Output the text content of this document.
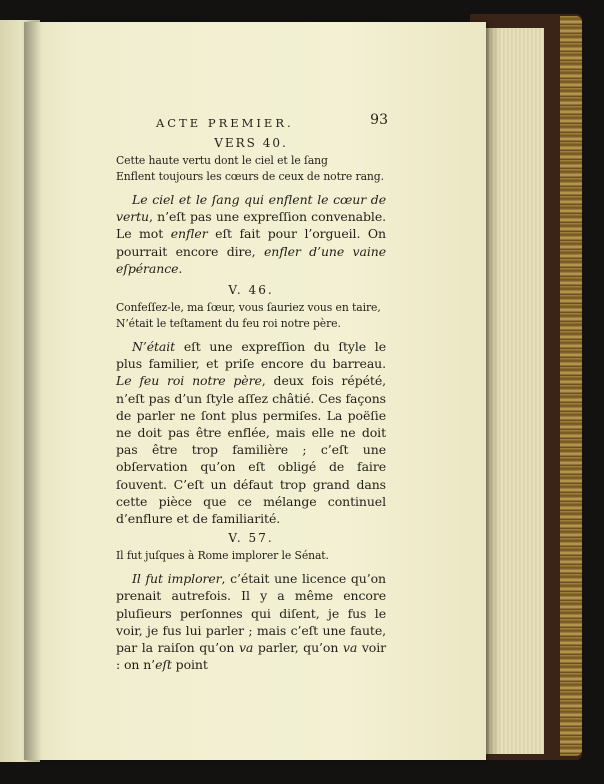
ACTE PREMIER.	93
VERS 40.
Cette haute vertu dont le ciel et le ſang
Enflent toujours les cœurs de ceux de notre rang.

Le ciel et le ſang qui enflent le cœur de vertu, n’eſt pas une expreſſion convenable. Le mot enfler eſt fait pour l’orgueil. On pourrait encore dire, enfler d’une vaine eſpérance.

V. 46.
Confeſſez-le, ma ſœur, vous ſauriez vous en taire,
N’était le teſtament du feu roi notre père.

N’était eſt une expreſſion du ſtyle le plus familier, et priſe encore du barreau. Le feu roi notre père, deux fois répété, n’eſt pas d’un ſtyle aſſez châtié. Ces façons de parler ne ſont plus permiſes. La poëſie ne doit pas être enflée, mais elle ne doit pas être trop familière ; c’eſt une obſervation qu’on eſt obligé de faire ſouvent. C’eſt un défaut trop grand dans cette pièce que ce mélange continuel d’enflure et de familiarité.

V. 57.
Il fut juſques à Rome implorer le Sénat.

Il fut implorer, c’était une licence qu’on prenait autrefois. Il y a même encore pluſieurs perſonnes qui diſent, je fus le voir, je fus lui parler ; mais c’eſt une faute, par la raiſon qu’on va parler, qu’on va voir : on n’eſt point
